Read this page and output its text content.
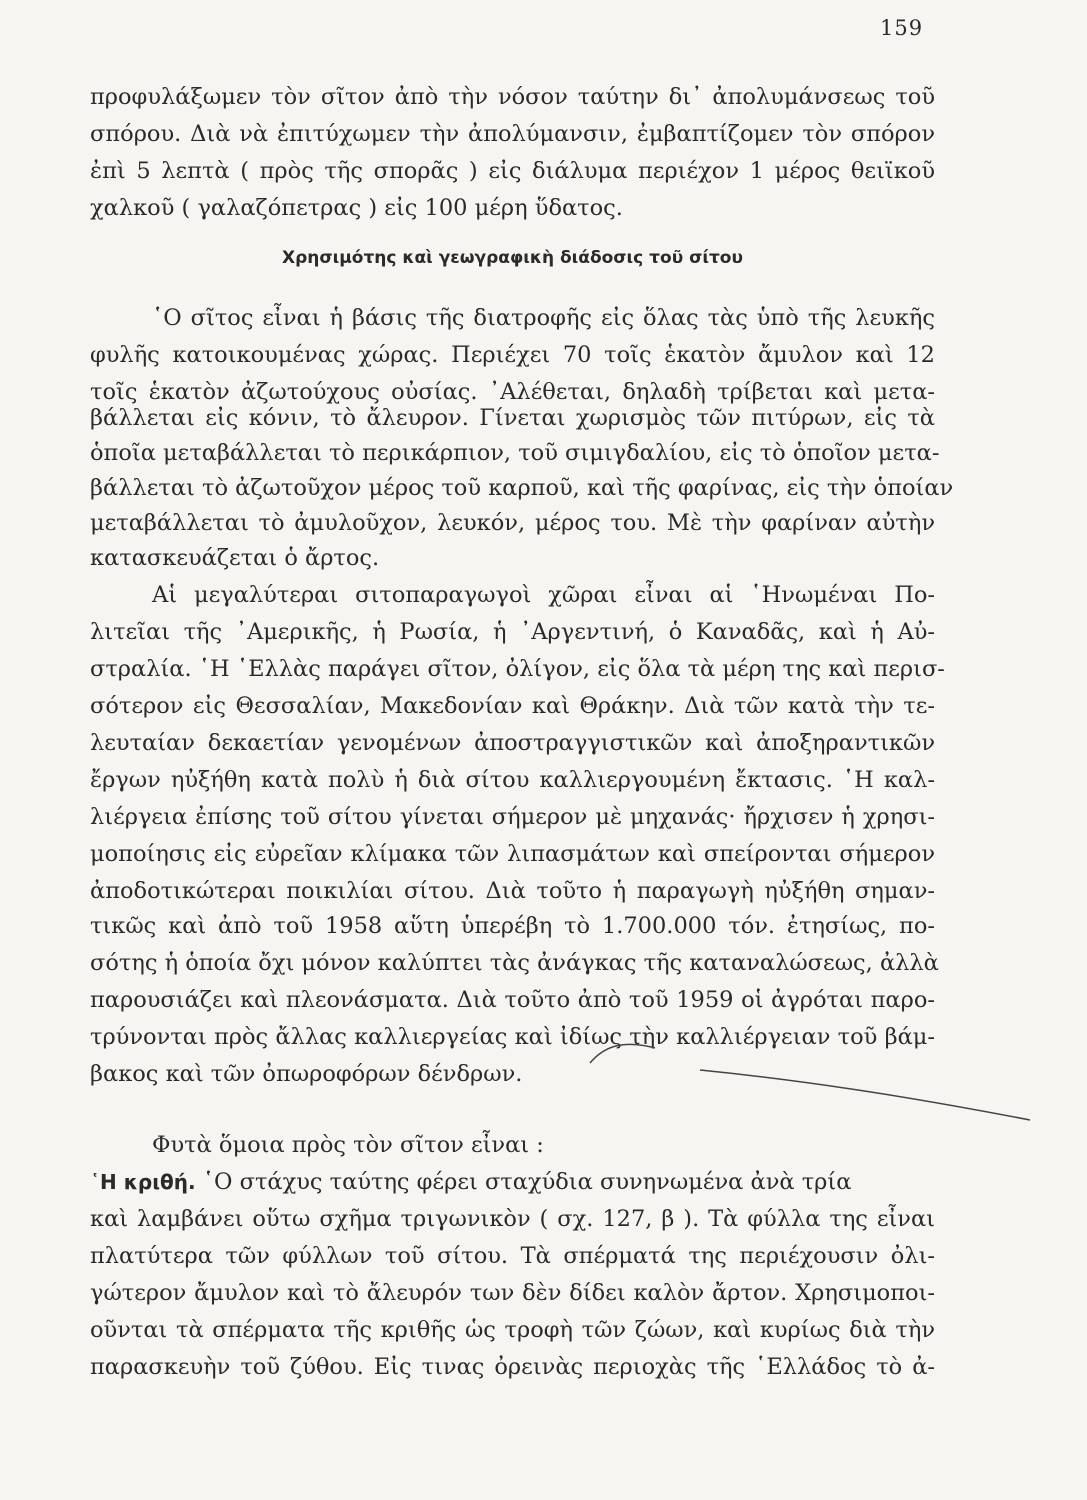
159
προφυλάξωμεν τὸν σῖτον ἀπὸ τὴν νόσον ταύτην δι᾽ ἀπολυμάνσεως τοῦ
σπόρου. Διὰ νὰ ἐπιτύχωμεν τὴν ἀπολύμανσιν, ἐμβαπτίζομεν τὸν σπόρον
ἐπὶ 5 λεπτὰ ( πρὸς τῆς σπορᾶς ) εἰς διάλυμα περιέχον 1 μέρος θειϊκοῦ
χαλκοῦ ( γαλαζόπετρας ) εἰς 100 μέρη ὕδατος.
Χρησιμότης καὶ γεωγραφικὴ διάδοσις τοῦ σίτου
῾Ο σῖτος εἶναι ἡ βάσις τῆς διατροφῆς εἰς ὅλας τὰς ὑπὸ τῆς λευκῆς
φυλῆς κατοικουμένας χώρας. Περιέχει 70 τοῖς ἑκατὸν ἄμυλον καὶ 12
τοῖς ἑκατὸν ἀζωτούχους οὐσίας. ᾿Αλέθεται, δηλαδὴ τρίβεται καὶ μετα-
βάλλεται εἰς κόνιν, τὸ ἄλευρον. Γίνεται χωρισμὸς τῶν πιτύρων, εἰς τὰ
ὁποῖα μεταβάλλεται τὸ περικάρπιον, τοῦ σιμιγδαλίου, εἰς τὸ ὁποῖον μετα-
βάλλεται τὸ ἀζωτοῦχον μέρος τοῦ καρποῦ, καὶ τῆς φαρίνας, εἰς τὴν ὁποίαν
μεταβάλλεται τὸ ἀμυλοῦχον, λευκόν, μέρος του. Μὲ τὴν φαρίναν αὐτὴν
κατασκευάζεται ὁ ἄρτος.
Αἱ μεγαλύτεραι σιτοπαραγωγοὶ χῶραι εἶναι αἱ ῾Ηνωμέναι Πο-
λιτεῖαι τῆς ᾿Αμερικῆς, ἡ Ρωσία, ἡ ᾿Αργεντινή, ὁ Καναδᾶς, καὶ ἡ Αὐ-
στραλία. ῾Η ῾Ελλὰς παράγει σῖτον, ὀλίγον, εἰς ὅλα τὰ μέρη της καὶ περισ-
σότερον εἰς Θεσσαλίαν, Μακεδονίαν καὶ Θράκην. Διὰ τῶν κατὰ τὴν τε-
λευταίαν δεκαετίαν γενομένων ἀποστραγγιστικῶν καὶ ἀποξηραντικῶν
ἔργων ηὐξήθη κατὰ πολὺ ἡ διὰ σίτου καλλιεργουμένη ἔκτασις. ῾Η καλ-
λιέργεια ἐπίσης τοῦ σίτου γίνεται σήμερον μὲ μηχανάς· ἤρχισεν ἡ χρησι-
μοποίησις εἰς εὐρεῖαν κλίμακα τῶν λιπασμάτων καὶ σπείρονται σήμερον
ἀποδοτικώτεραι ποικιλίαι σίτου. Διὰ τοῦτο ἡ παραγωγὴ ηὐξήθη σημαν-
τικῶς καὶ ἀπὸ τοῦ 1958 αὕτη ὑπερέβη τὸ 1.700.000 τόν. ἐτησίως, πο-
σότης ἡ ὁποία ὄχι μόνον καλύπτει τὰς ἀνάγκας τῆς καταναλώσεως, ἀλλὰ
παρουσιάζει καὶ πλεονάσματα. Διὰ τοῦτο ἀπὸ τοῦ 1959 οἱ ἀγρόται παρο-
τρύνονται πρὸς ἄλλας καλλιεργείας καὶ ἰδίως τὴν καλλιέργειαν τοῦ βάμ-
βακος καὶ τῶν ὀπωροφόρων δένδρων.
Φυτὰ ὅμοια πρὸς τὸν σῖτον εἶναι :
῾Η κριθή. ῾Ο στάχυς ταύτης φέρει σταχύδια συνηνωμένα ἀνὰ τρία
καὶ λαμβάνει οὕτω σχῆμα τριγωνικὸν ( σχ. 127, β ). Τὰ φύλλα της εἶναι
πλατύτερα τῶν φύλλων τοῦ σίτου. Τὰ σπέρματά της περιέχουσιν ὀλι-
γώτερον ἄμυλον καὶ τὸ ἄλευρόν των δὲν δίδει καλὸν ἄρτον. Χρησιμοποι-
οῦνται τὰ σπέρματα τῆς κριθῆς ὡς τροφὴ τῶν ζώων, καὶ κυρίως διὰ τὴν
παρασκευὴν τοῦ ζύθου. Εἰς τινας ὀρεινὰς περιοχὰς τῆς ῾Ελλάδος τὸ ἀ-
